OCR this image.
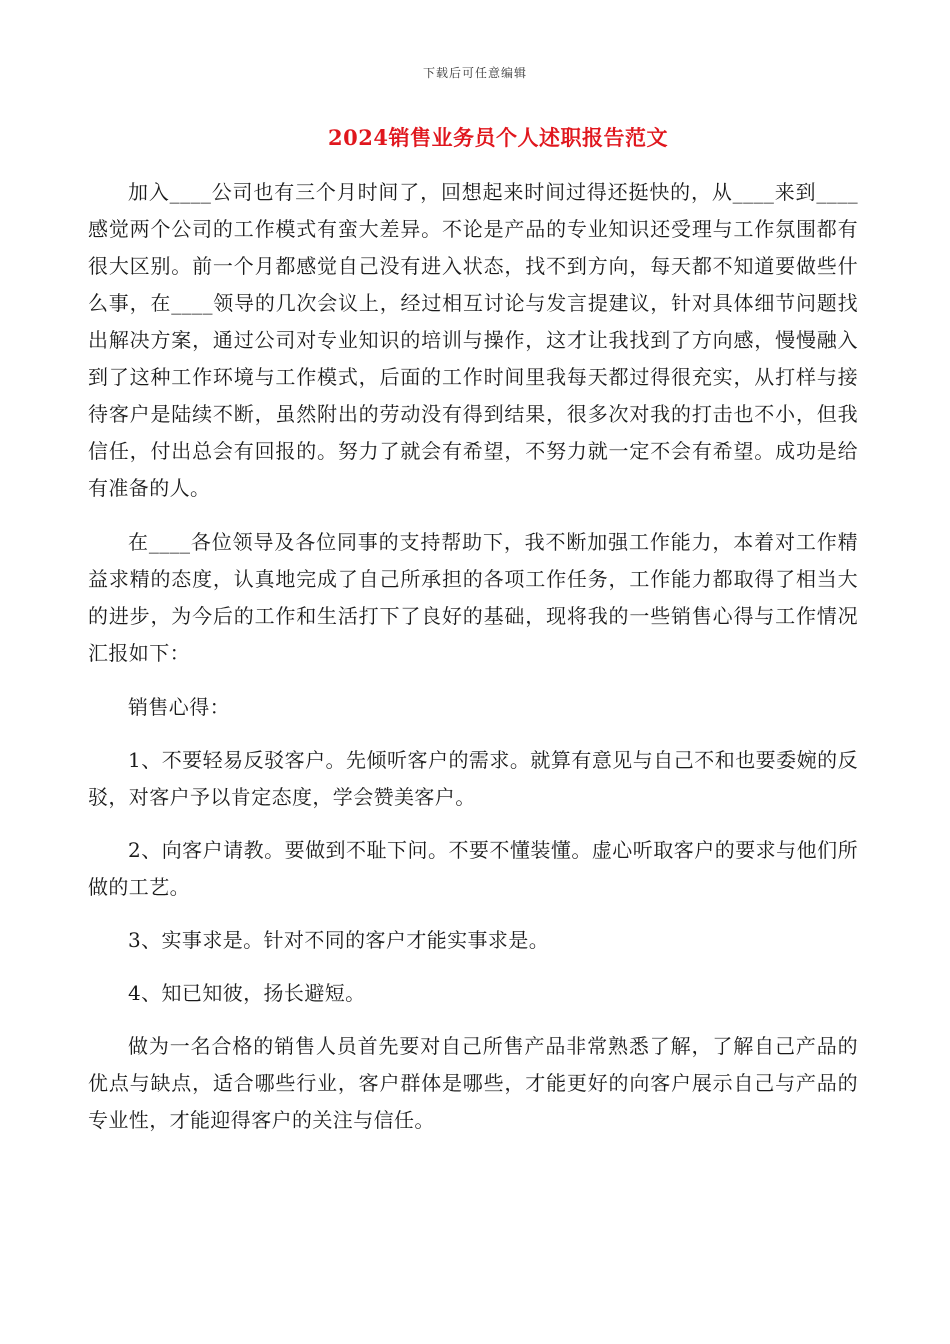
下载后可任意编辑
2024销售业务员个人述职报告范文

加入____公司也有三个月时间了，回想起来时间过得还挺快的，从____来到____感觉两个公司的工作模式有蛮大差异。不论是产品的专业知识还受理与工作氛围都有很大区别。前一个月都感觉自己没有进入状态，找不到方向，每天都不知道要做些什么事，在____领导的几次会议上，经过相互讨论与发言提建议，针对具体细节问题找出解决方案，通过公司对专业知识的培训与操作，这才让我找到了方向感，慢慢融入到了这种工作环境与工作模式，后面的工作时间里我每天都过得很充实，从打样与接待客户是陆续不断，虽然附出的劳动没有得到结果，很多次对我的打击也不小，但我信任，付出总会有回报的。努力了就会有希望，不努力就一定不会有希望。成功是给有准备的人。

在____各位领导及各位同事的支持帮助下，我不断加强工作能力，本着对工作精益求精的态度，认真地完成了自己所承担的各项工作任务，工作能力都取得了相当大的进步，为今后的工作和生活打下了良好的基础，现将我的一些销售心得与工作情况汇报如下：

销售心得：

1、不要轻易反驳客户。先倾听客户的需求。就算有意见与自己不和也要委婉的反驳，对客户予以肯定态度，学会赞美客户。

2、向客户请教。要做到不耻下问。不要不懂装懂。虚心听取客户的要求与他们所做的工艺。

3、实事求是。针对不同的客户才能实事求是。

4、知已知彼，扬长避短。

做为一名合格的销售人员首先要对自己所售产品非常熟悉了解，了解自己产品的优点与缺点，适合哪些行业，客户群体是哪些，才能更好的向客户展示自己与产品的专业性，才能迎得客户的关注与信任。
